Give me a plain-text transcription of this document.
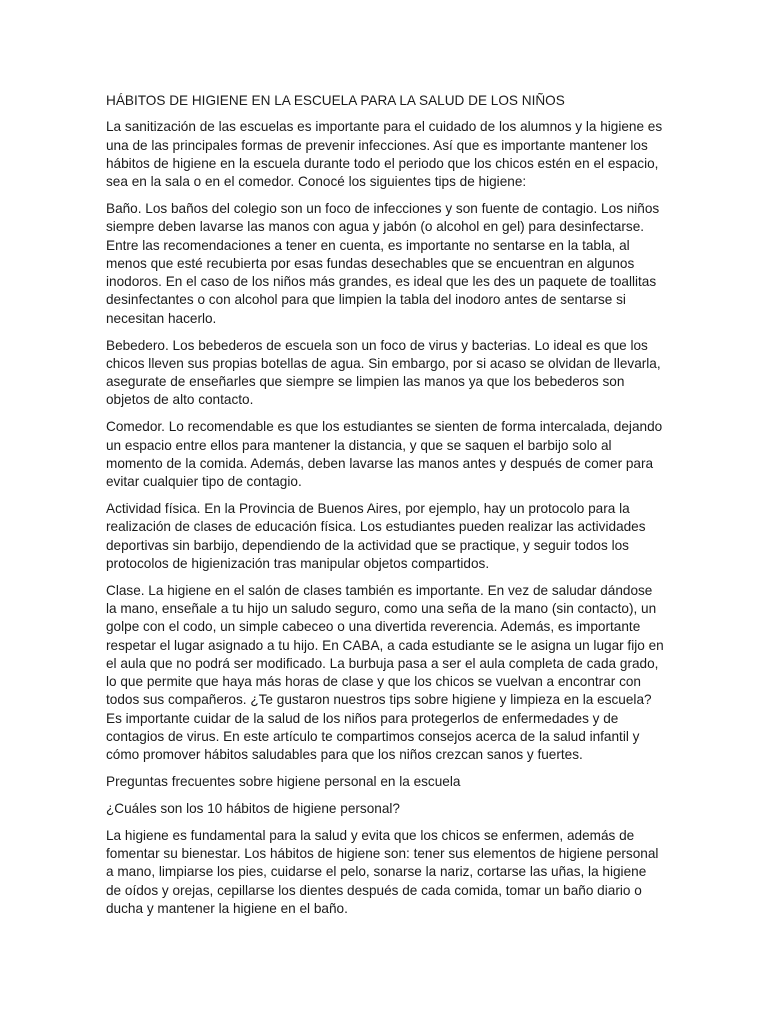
HÁBITOS DE HIGIENE EN LA ESCUELA PARA LA SALUD DE LOS NIÑOS

La sanitización de las escuelas es importante para el cuidado de los alumnos y la higiene es una de las principales formas de prevenir infecciones. Así que es importante mantener los hábitos de higiene en la escuela durante todo el periodo que los chicos estén en el espacio, sea en la sala o en el comedor. Conocé los siguientes tips de higiene:

Baño. Los baños del colegio son un foco de infecciones y son fuente de contagio. Los niños siempre deben lavarse las manos con agua y jabón (o alcohol en gel) para desinfectarse. Entre las recomendaciones a tener en cuenta, es importante no sentarse en la tabla, al menos que esté recubierta por esas fundas desechables que se encuentran en algunos inodoros. En el caso de los niños más grandes, es ideal que les des un paquete de toallitas desinfectantes o con alcohol para que limpien la tabla del inodoro antes de sentarse si necesitan hacerlo.

Bebedero. Los bebederos de escuela son un foco de virus y bacterias. Lo ideal es que los chicos lleven sus propias botellas de agua. Sin embargo, por si acaso se olvidan de llevarla, asegurate de enseñarles que siempre se limpien las manos ya que los bebederos son objetos de alto contacto.

Comedor. Lo recomendable es que los estudiantes se sienten de forma intercalada, dejando un espacio entre ellos para mantener la distancia, y que se saquen el barbijo solo al momento de la comida. Además, deben lavarse las manos antes y después de comer para evitar cualquier tipo de contagio.

Actividad física. En la Provincia de Buenos Aires, por ejemplo, hay un protocolo para la realización de clases de educación física. Los estudiantes pueden realizar las actividades deportivas sin barbijo, dependiendo de la actividad que se practique, y seguir todos los protocolos de higienización tras manipular objetos compartidos.

Clase. La higiene en el salón de clases también es importante. En vez de saludar dándose la mano, enseñale a tu hijo un saludo seguro, como una seña de la mano (sin contacto), un golpe con el codo, un simple cabeceo o una divertida reverencia. Además, es importante respetar el lugar asignado a tu hijo. En CABA, a cada estudiante se le asigna un lugar fijo en el aula que no podrá ser modificado. La burbuja pasa a ser el aula completa de cada grado, lo que permite que haya más horas de clase y que los chicos se vuelvan a encontrar con todos sus compañeros. ¿Te gustaron nuestros tips sobre higiene y limpieza en la escuela? Es importante cuidar de la salud de los niños para protegerlos de enfermedades y de contagios de virus. En este artículo te compartimos consejos acerca de la salud infantil y cómo promover hábitos saludables para que los niños crezcan sanos y fuertes.

Preguntas frecuentes sobre higiene personal en la escuela

¿Cuáles son los 10 hábitos de higiene personal?

La higiene es fundamental para la salud y evita que los chicos se enfermen, además de fomentar su bienestar. Los hábitos de higiene son: tener sus elementos de higiene personal a mano, limpiarse los pies, cuidarse el pelo, sonarse la nariz, cortarse las uñas, la higiene de oídos y orejas, cepillarse los dientes después de cada comida, tomar un baño diario o ducha y mantener la higiene en el baño.
